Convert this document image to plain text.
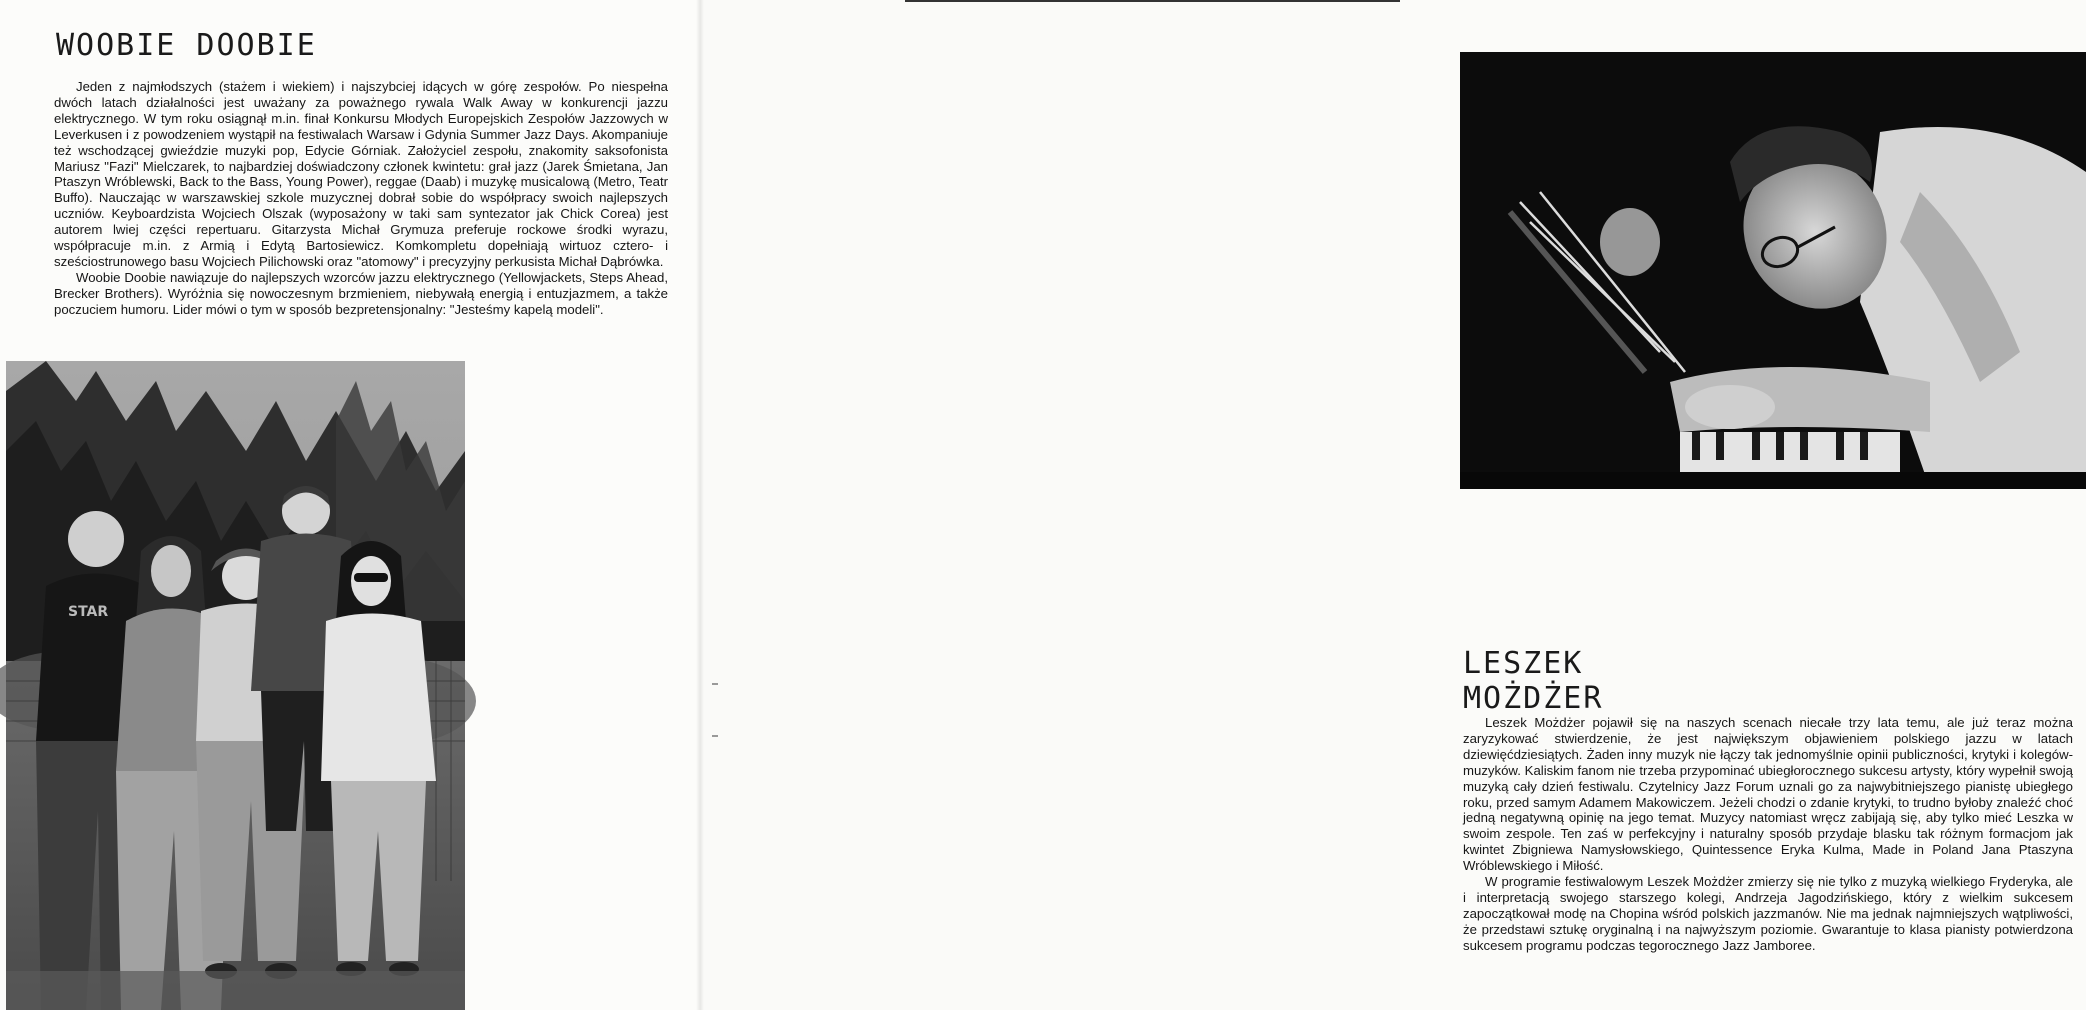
WOOBIE DOOBIE

Jeden z najmłodszych (stażem i wiekiem) i najszybciej idących w górę zespołów. Po niespełna dwóch latach działalności jest uważany za poważnego rywala Walk Away w konkurencji jazzu elektrycznego. W tym roku osiągnął m.in. finał Konkursu Młodych Europejskich Zespołów Jazzowych w Leverkusen i z powodzeniem wystąpił na festiwalach Warsaw i Gdynia Summer Jazz Days. Akompaniuje też wschodzącej gwieździe muzyki pop, Edycie Górniak. Założyciel zespołu, znakomity saksofonista Mariusz "Fazi" Mielczarek, to najbardziej doświadczony członek kwintetu: grał jazz (Jarek Śmietana, Jan Ptaszyn Wróblewski, Back to the Bass, Young Power), reggae (Daab) i muzykę musicalową (Metro, Teatr Buffo). Nauczając w warszawskiej szkole muzycznej dobrał sobie do współpracy swoich najlepszych uczniów. Keyboardzista Wojciech Olszak (wyposażony w taki sam syntezator jak Chick Corea) jest autorem lwiej części repertuaru. Gitarzysta Michał Grymuza preferuje rockowe środki wyrazu, współpracuje m.in. z Armią i Edytą Bartosiewicz. Komkompletu dopełniają wirtuoz cztero- i sześciostrunowego basu Wojciech Pilichowski oraz "atomowy" i precyzyjny perkusista Michał Dąbrówka.

Woobie Doobie nawiązuje do najlepszych wzorców jazzu elektrycznego (Yellowjackets, Steps Ahead, Brecker Brothers). Wyróżnia się nowoczesnym brzmieniem, niebywałą energią i entuzjazmem, a także poczuciem humoru. Lider mówi o tym w sposób bezpretensjonalny: "Jesteśmy kapelą modeli".

STAR
LESZEK MOŻDŻER

Leszek Możdżer pojawił się na naszych scenach niecałe trzy lata temu, ale już teraz można zaryzykować stwierdzenie, że jest największym objawieniem polskiego jazzu w latach dziewięćdziesiątych. Żaden inny muzyk nie łączy tak jednomyślnie opinii publiczności, krytyki i kolegów-muzyków. Kaliskim fanom nie trzeba przypominać ubiegłorocznego sukcesu artysty, który wypełnił swoją muzyką cały dzień festiwalu. Czytelnicy Jazz Forum uznali go za najwybitniejszego pianistę ubiegłego roku, przed samym Adamem Makowiczem. Jeżeli chodzi o zdanie krytyki, to trudno byłoby znaleźć choć jedną negatywną opinię na jego temat. Muzycy natomiast wręcz zabijają się, aby tylko mieć Leszka w swoim zespole. Ten zaś w perfekcyjny i naturalny sposób przydaje blasku tak różnym formacjom jak kwintet Zbigniewa Namysłowskiego, Quintessence Eryka Kulma, Made in Poland Jana Ptaszyna Wróblewskiego i Miłość.

W programie festiwalowym Leszek Możdżer zmierzy się nie tylko z muzyką wielkiego Fryderyka, ale i interpretacją swojego starszego kolegi, Andrzeja Jagodzińskiego, który z wielkim sukcesem zapoczątkował modę na Chopina wśród polskich jazzmanów. Nie ma jednak najmniejszych wątpliwości, że przedstawi sztukę oryginalną i na najwyższym poziomie. Gwarantuje to klasa pianisty potwierdzona sukcesem programu podczas tegorocznego Jazz Jamboree.
